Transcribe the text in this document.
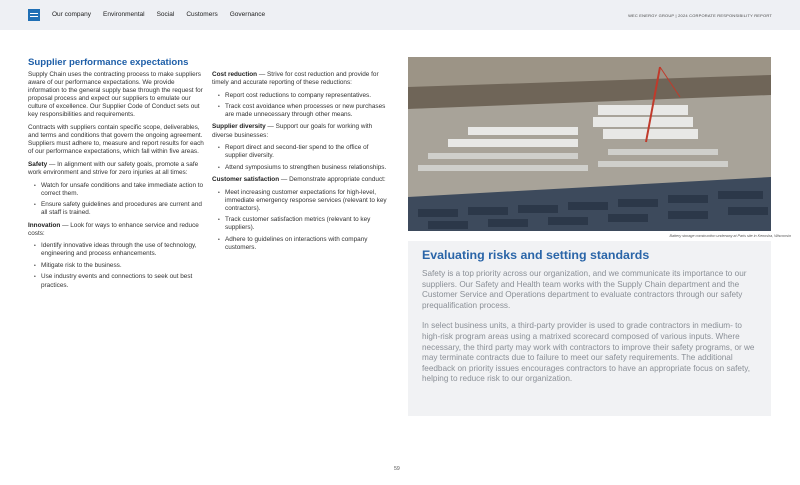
Our company Environmental Social Customers Governance	WEC ENERGY GROUP | 2024 CORPORATE RESPONSIBILITY REPORT
Supplier performance expectations

Supply Chain uses the contracting process to make suppliers aware of our performance expectations. We provide information to the general supply base through the request for proposal process and expect our suppliers to emulate our culture of excellence. Our Supplier Code of Conduct sets out key responsibilities and requirements.

Contracts with suppliers contain specific scope, deliverables, and terms and conditions that govern the ongoing agreement. Suppliers must adhere to, measure and report results for each of our performance expectations, which fall within five areas.

Safety — In alignment with our safety goals, promote a safe work environment and strive for zero injuries at all times:

• Watch for unsafe conditions and take immediate action to correct them.
• Ensure safety guidelines and procedures are current and all staff is trained.

Innovation — Look for ways to enhance service and reduce costs:

• Identify innovative ideas through the use of technology, engineering and process enhancements.
• Mitigate risk to the business.
• Use industry events and connections to seek out best practices.

Cost reduction — Strive for cost reduction and provide for timely and accurate reporting of these reductions:

• Report cost reductions to company representatives.
• Track cost avoidance when processes or new purchases are made unnecessary through other means.

Supplier diversity — Support our goals for working with diverse businesses:

• Report direct and second-tier spend to the office of supplier diversity.
• Attend symposiums to strengthen business relationships.

Customer satisfaction — Demonstrate appropriate conduct:

• Meet increasing customer expectations for high-level, immediate emergency response services (relevant to key contractors).
• Track customer satisfaction metrics (relevant to key suppliers).
• Adhere to guidelines on interactions with company customers.
Battery storage construction underway at Paris site in Kenosha, Wisconsin
Evaluating risks and setting standards

Safety is a top priority across our organization, and we communicate its importance to our suppliers. Our Safety and Health team works with the Supply Chain department and the Customer Service and Operations department to evaluate contractors through our safety prequalification process.

In select business units, a third-party provider is used to grade contractors in medium- to high-risk program areas using a matrixed scorecard composed of various inputs. Where necessary, the third party may work with contractors to improve their safety programs, or we may terminate contracts due to failure to meet our safety requirements. The additional feedback on priority issues encourages contractors to have an appropriate focus on safety, helping to reduce risk to our organization.

59
